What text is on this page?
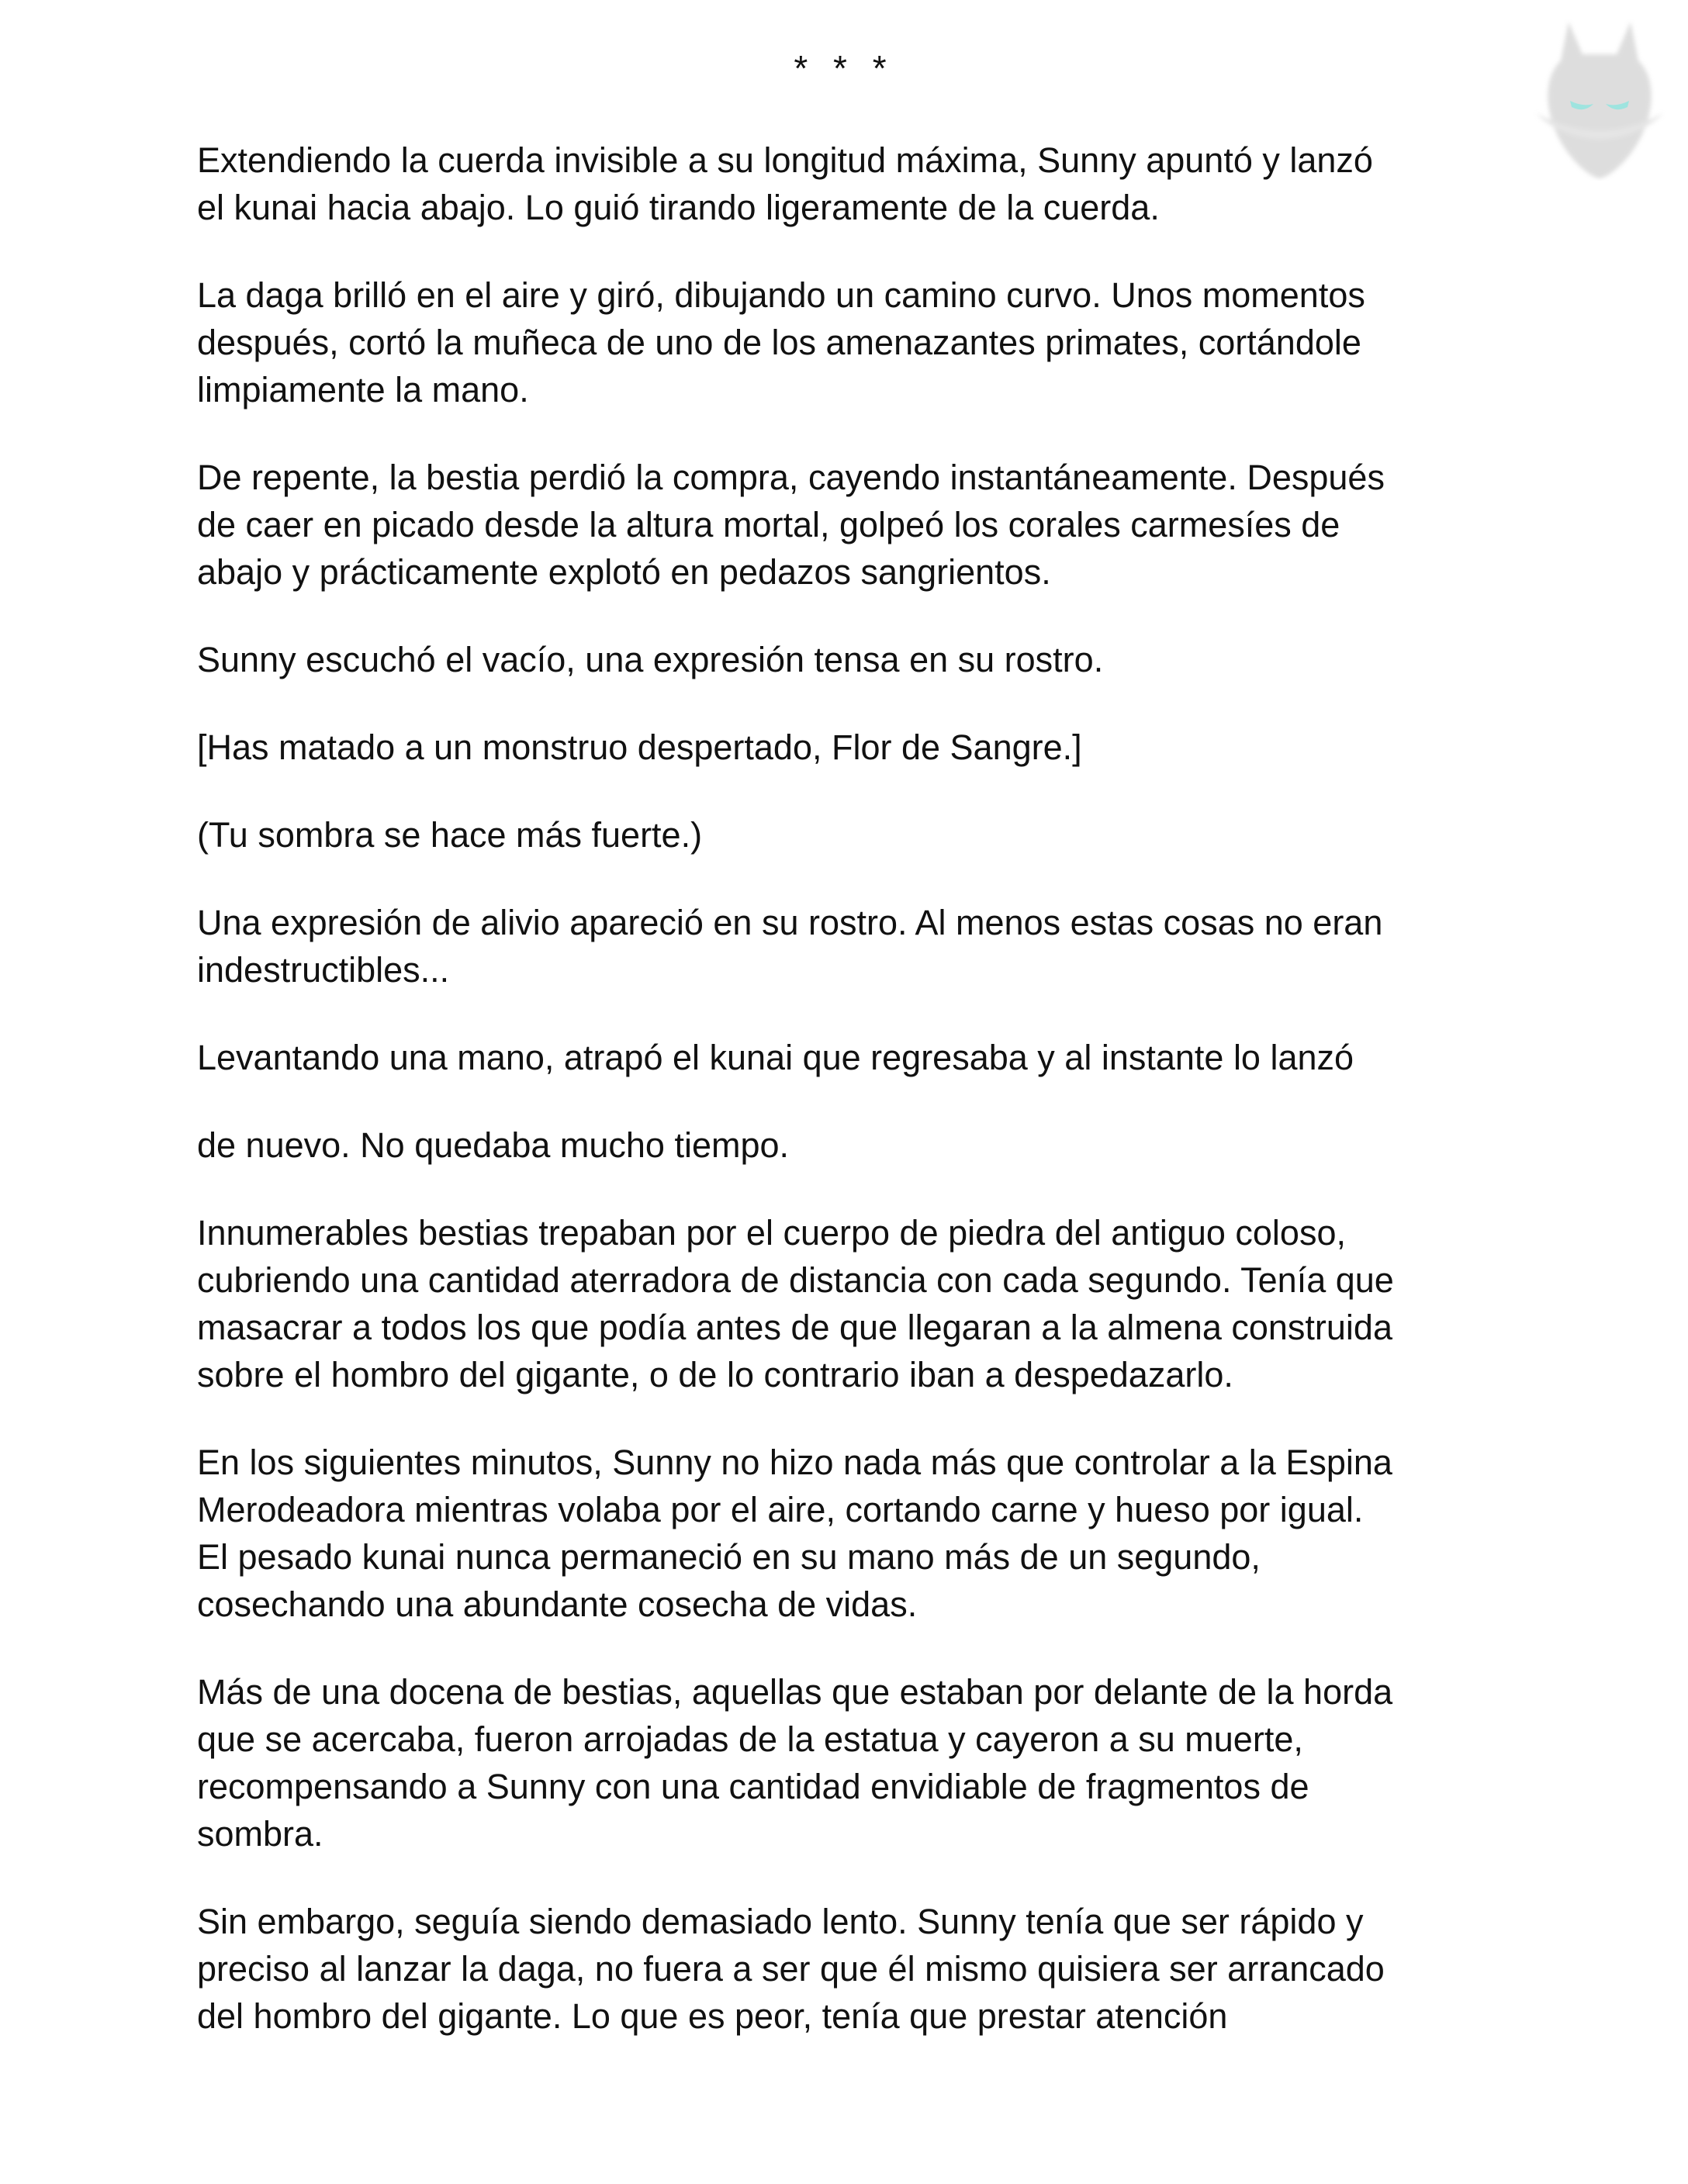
* * *

Extendiendo la cuerda invisible a su longitud máxima, Sunny apuntó y lanzó
el kunai hacia abajo. Lo guió tirando ligeramente de la cuerda.

La daga brilló en el aire y giró, dibujando un camino curvo. Unos momentos
después, cortó la muñeca de uno de los amenazantes primates, cortándole
limpiamente la mano.

De repente, la bestia perdió la compra, cayendo instantáneamente. Después
de caer en picado desde la altura mortal, golpeó los corales carmesíes de
abajo y prácticamente explotó en pedazos sangrientos.

Sunny escuchó el vacío, una expresión tensa en su rostro.

[Has matado a un monstruo despertado, Flor de Sangre.]

(Tu sombra se hace más fuerte.)

Una expresión de alivio apareció en su rostro. Al menos estas cosas no eran
indestructibles...

Levantando una mano, atrapó el kunai que regresaba y al instante lo lanzó

de nuevo. No quedaba mucho tiempo.

Innumerables bestias trepaban por el cuerpo de piedra del antiguo coloso,
cubriendo una cantidad aterradora de distancia con cada segundo. Tenía que
masacrar a todos los que podía antes de que llegaran a la almena construida
sobre el hombro del gigante, o de lo contrario iban a despedazarlo.

En los siguientes minutos, Sunny no hizo nada más que controlar a la Espina
Merodeadora mientras volaba por el aire, cortando carne y hueso por igual.
El pesado kunai nunca permaneció en su mano más de un segundo,
cosechando una abundante cosecha de vidas.

Más de una docena de bestias, aquellas que estaban por delante de la horda
que se acercaba, fueron arrojadas de la estatua y cayeron a su muerte,
recompensando a Sunny con una cantidad envidiable de fragmentos de
sombra.

Sin embargo, seguía siendo demasiado lento. Sunny tenía que ser rápido y
preciso al lanzar la daga, no fuera a ser que él mismo quisiera ser arrancado
del hombro del gigante. Lo que es peor, tenía que prestar atención
